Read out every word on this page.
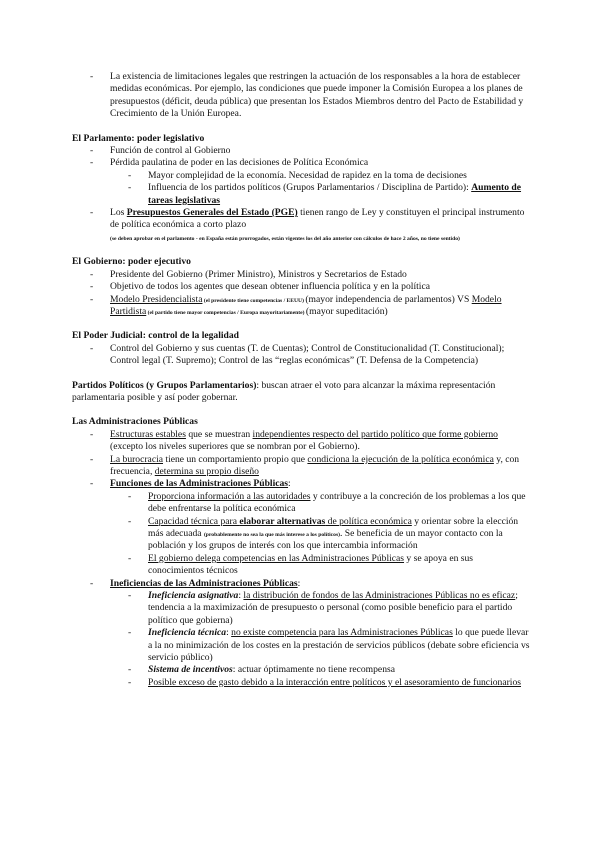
- La existencia de limitaciones legales que restringen la actuación de los responsables a la hora de establecer medidas económicas. Por ejemplo, las condiciones que puede imponer la Comisión Europea a los planes de presupuestos (déficit, deuda pública) que presentan los Estados Miembros dentro del Pacto de Estabilidad y Crecimiento de la Unión Europea.

El Parlamento: poder legislativo

- Función de control al Gobierno
- Pérdida paulatina de poder en las decisiones de Política Económica
- Mayor complejidad de la economía. Necesidad de rapidez en la toma de decisiones
- Influencia de los partidos políticos (Grupos Parlamentarios / Disciplina de Partido): Aumento de tareas legislativas
- Los Presupuestos Generales del Estado (PGE) tienen rango de Ley y constituyen el principal instrumento de política económica a corto plazo
(se deben aprobar en el parlamento - en España están prorrogados, están vigentes los del año anterior con cálculos de hace 2 años, no tiene sentido)

El Gobierno: poder ejecutivo

- Presidente del Gobierno (Primer Ministro), Ministros y Secretarios de Estado
- Objetivo de todos los agentes que desean obtener influencia política y en la política
- Modelo Presidencialista (el presidente tiene competencias / EEUU) (mayor independencia de parlamentos) VS Modelo Partidista (el partido tiene mayor competencias / Europa mayoritariamente) (mayor supeditación)

El Poder Judicial: control de la legalidad

- Control del Gobierno y sus cuentas (T. de Cuentas); Control de Constitucionalidad (T. Constitucional); Control legal (T. Supremo); Control de las “reglas económicas” (T. Defensa de la Competencia)

Partidos Políticos (y Grupos Parlamentarios): buscan atraer el voto para alcanzar la máxima representación parlamentaria posible y así poder gobernar.

Las Administraciones Públicas

- Estructuras estables que se muestran independientes respecto del partido político que forme gobierno (excepto los niveles superiores que se nombran por el Gobierno).
- La burocracia tiene un comportamiento propio que condiciona la ejecución de la política económica y, con frecuencia, determina su propio diseño
- Funciones de las Administraciones Públicas:
- Proporciona información a las autoridades y contribuye a la concreción de los problemas a los que debe enfrentarse la política económica
- Capacidad técnica para elaborar alternativas de política económica y orientar sobre la elección más adecuada (probablemente no sea la que más interese a los políticos). Se beneficia de un mayor contacto con la población y los grupos de interés con los que intercambia información
- El gobierno delega competencias en las Administraciones Públicas y se apoya en sus conocimientos técnicos
- Ineficiencias de las Administraciones Públicas:
- Ineficiencia asignativa: la distribución de fondos de las Administraciones Públicas no es eficaz; tendencia a la maximización de presupuesto o personal (como posible beneficio para el partido político que gobierna)
- Ineficiencia técnica: no existe competencia para las Administraciones Públicas lo que puede llevar a la no minimización de los costes en la prestación de servicios públicos (debate sobre eficiencia vs servicio público)
- Sistema de incentivos: actuar óptimamente no tiene recompensa
- Posible exceso de gasto debido a la interacción entre políticos y el asesoramiento de funcionarios
